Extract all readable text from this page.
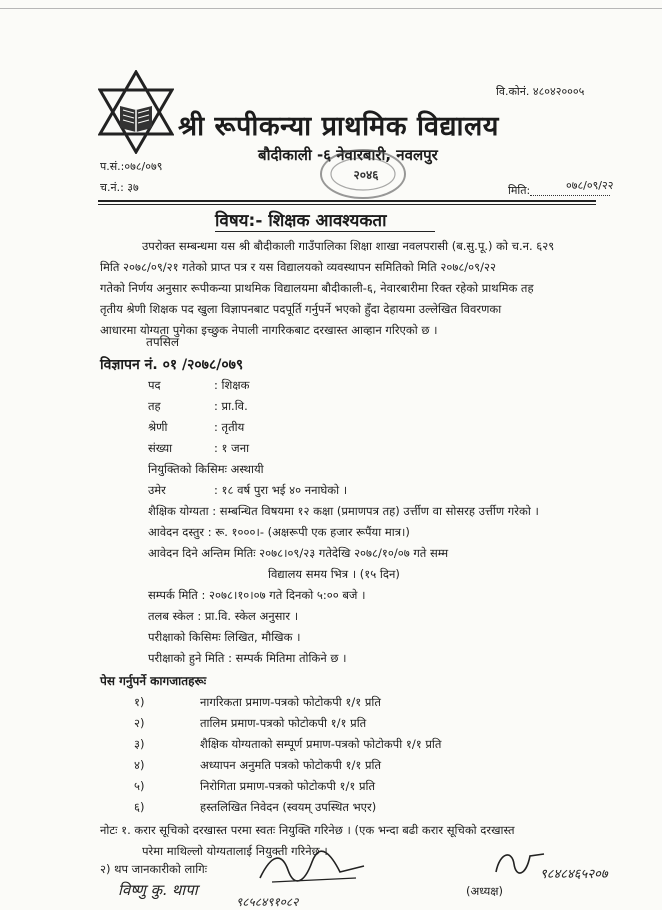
वि.कोनं. ४८०४२०००५
श्री रूपीकन्या प्राथमिक विद्यालय
बौदीकाली -६ नेवारबारी, नवलपुर
प.सं.:०७८/०७९
च.नं.: ३७
२०४६
मिति:	०७८/०९/२२
विषय:- शिक्षक आवश्यकता
उपरोक्त सम्बन्धमा यस श्री बौदीकाली गाउँपालिका शिक्षा शाखा नवलपरासी (ब.सु.पू.) को च.न. ६२९
मिति २०७८/०९/२१ गतेको प्राप्त पत्र र यस विद्यालयको व्यवस्थापन समितिको मिति २०७८/०९/२२
गतेको निर्णय अनुसार रूपीकन्या प्राथमिक विद्यालयमा बौदीकाली-६, नेवारबारीमा रिक्त रहेको प्राथमिक तह
तृतीय श्रेणी शिक्षक पद खुला विज्ञापनबाट पदपूर्ति गर्नुपर्ने भएको हुँदा देहायमा उल्लेखित विवरणका
आधारमा योग्यता पुगेका इच्छुक नेपाली नागरिकबाट दरखास्त आव्हान गरिएको छ ।
तपसिल
विज्ञापन नं. ०१ /२०७८/०७९
पद	: शिक्षक
तह	: प्रा.वि.
श्रेणी	: तृतीय
संख्या	: १ जना
नियुक्तिको किसिमः अस्थायी
उमेर	: १८ वर्ष पुरा भई ४० ननाघेको ।
शैक्षिक योग्यता : सम्बन्धित विषयमा १२ कक्षा (प्रमाणपत्र तह) उर्त्तीण वा सोसरह उर्त्तीण गरेको ।
आवेदन दस्तुर : रू. १०००।- (अक्षरूपी एक हजार रूपैंया मात्र।)
आवेदन दिने अन्तिम मितिः २०७८।०९/२३ गतेदेखि २०७८/१०/०७ गते सम्म
विद्यालय समय भित्र । (१५ दिन)
सम्पर्क मिति : २०७८।१०।०७ गते दिनको ५:०० बजे ।
तलब स्केल : प्रा.वि. स्केल अनुसार ।
परीक्षाको किसिमः लिखित, मौखिक ।
परीक्षाको हुने मिति : सम्पर्क मितिमा तोकिने छ ।
पेस गर्नुपर्ने कागजातहरूः
१)	नागरिकता प्रमाण-पत्रको फोटोकपी १/१ प्रति
२)	तालिम प्रमाण-पत्रको फोटोकपी १/१ प्रति
३)	शैक्षिक योग्यताको सम्पूर्ण प्रमाण-पत्रको फोटोकपी १/१ प्रति
४)	अध्यापन अनुमति पत्रको फोटोकपी १/१ प्रति
५)	निरोगिता प्रमाण-पत्रको फोटोकपी १/१ प्रति
६)	हस्तलिखित निवेदन (स्वयम् उपस्थित भएर)
नोटः १. करार सूचिको दरखास्त परमा स्वतः नियुक्ति गरिनेछ । (एक भन्दा बढी करार सूचिको दरखास्त
परेमा माथिल्लो योग्यतालाई नियुक्ती गरिनेछ ।
२) थप जानकारीको लागिः	९८४८४६५२०७
(अध्यक्ष)
विष्णु कु. थापा
९८५८४९१०८२
